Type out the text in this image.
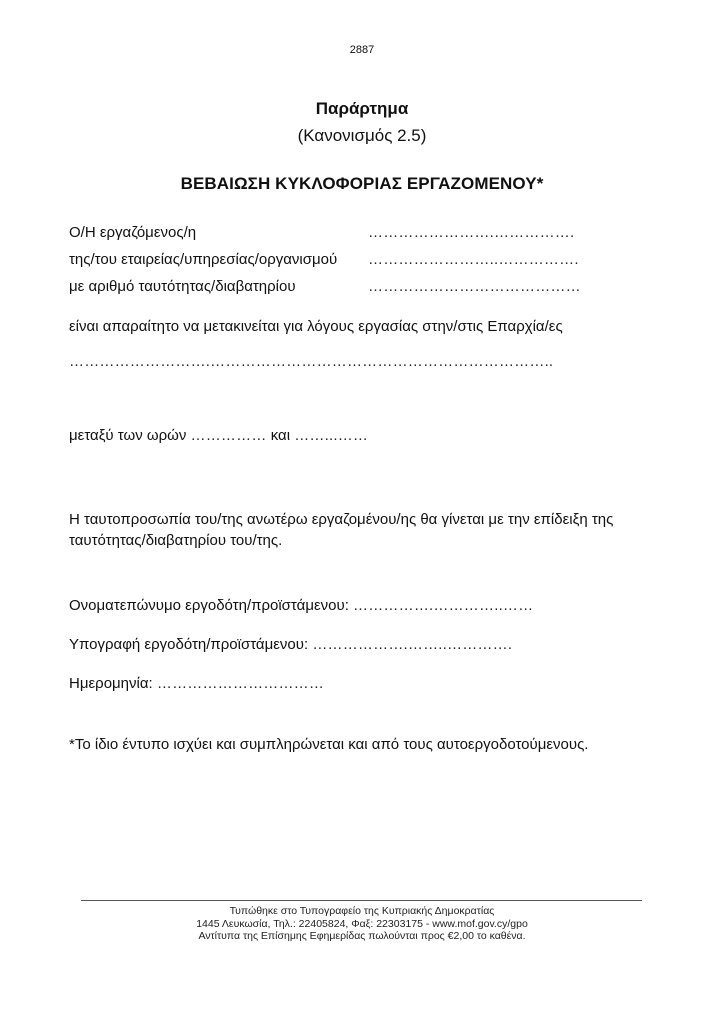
2887
Παράρτημα
(Κανονισμός 2.5)
ΒΕΒΑΙΩΣΗ ΚΥΚΛΟΦΟΡΙΑΣ ΕΡΓΑΖΟΜΕΝΟΥ*
Ο/Η εργαζόμενος/η	…………………….…………….
της/του εταιρείας/υπηρεσίας/οργανισμού ……………………..…………….
με αριθμό ταυτότητας/διαβατηρίου	……………………………………
είναι απαραίτητο να μετακινείται για λόγους εργασίας στην/στις Επαρχία/ες
……………………….…………………………………………………………..
μεταξύ των ωρών …………… και ……...……
Η ταυτοπροσωπία του/της ανωτέρω εργαζομένου/ης θα γίνεται με την επίδειξη της ταυτότητας/διαβατηρίου του/της.
Ονοματεπώνυμο εργοδότη/προϊστάμενου: …………….…………..……
Υπογραφή εργοδότη/προϊστάμενου: ……………….……..………….
Ημερομηνία: ……………………………
*Το ίδιο έντυπο ισχύει και συμπληρώνεται και από τους αυτοεργοδοτούμενους.
Τυπώθηκε στο Τυπογραφείο της Κυπριακής Δημοκρατίας
1445 Λευκωσία, Τηλ.: 22405824, Φαξ: 22303175 - www.mof.gov.cy/gpo
Αντίτυπα της Επίσημης Εφημερίδας πωλούνται προς €2,00 το καθένα.
